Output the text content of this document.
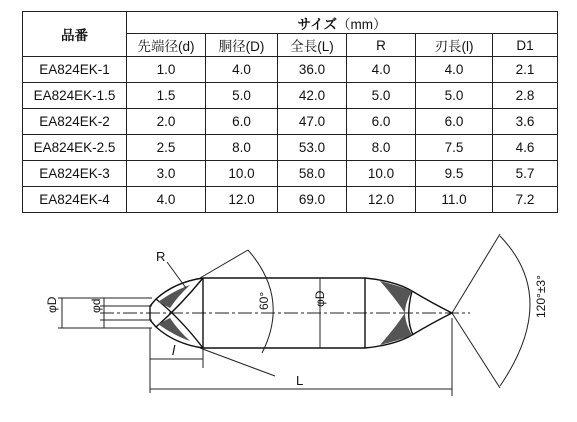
品番	サイズ（mm）					
	先端径(d)	胴径(D)	全長(L)	R	刃長(l)	D1
EA824EK-1	1.0	4.0	36.0	4.0	4.0	2.1
EA824EK-1.5	1.5	5.0	42.0	5.0	5.0	2.8
EA824EK-2	2.0	6.0	47.0	6.0	6.0	3.6
EA824EK-2.5	2.5	8.0	53.0	8.0	7.5	4.6
EA824EK-3	3.0	10.0	58.0	10.0	9.5	5.7
EA824EK-4	4.0	12.0	69.0	12.0	11.0	7.2
R
φD	φd	φD
60°	120°±3°
l
L
